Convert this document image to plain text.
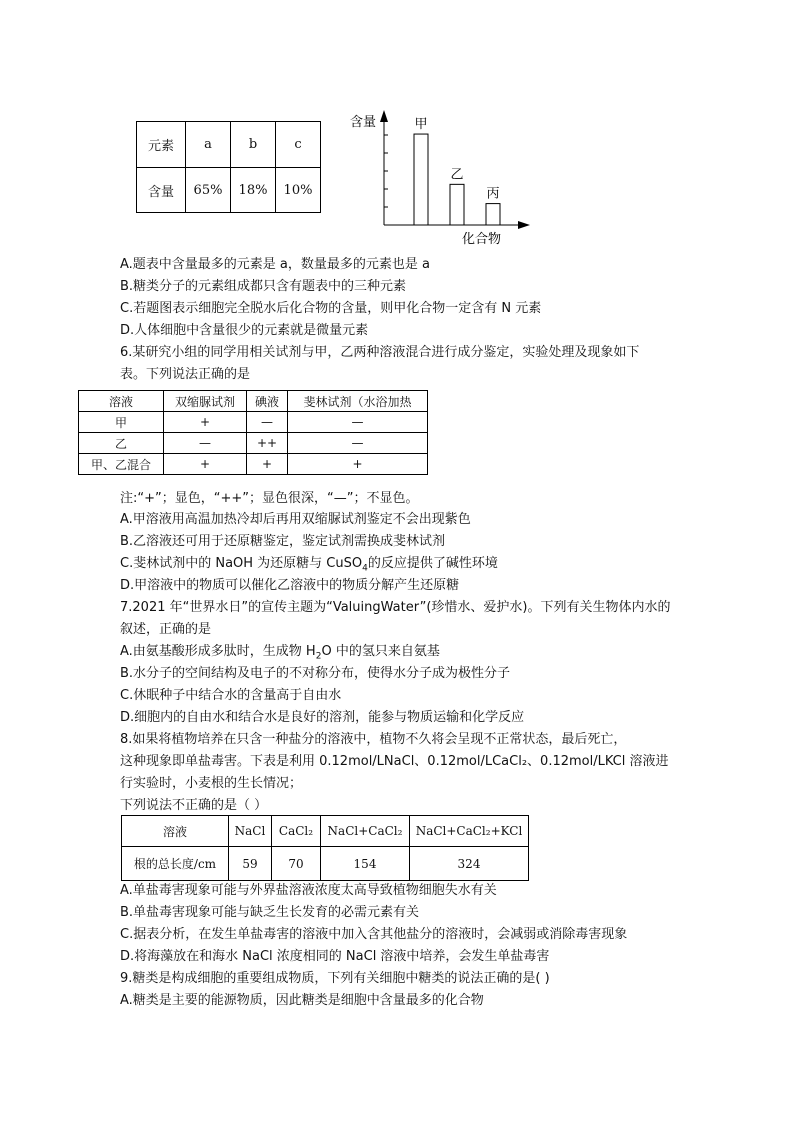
元素	a	b	c
含量	65%	18%	10%
甲
乙
丙
含量
化合物
A.题表中含量最多的元素是 a，数量最多的元素也是 a
B.糖类分子的元素组成都只含有题表中的三种元素
C.若题图表示细胞完全脱水后化合物的含量，则甲化合物一定含有 N 元素
D.人体细胞中含量很少的元素就是微量元素
6.某研究小组的同学用相关试剂与甲，乙两种溶液混合进行成分鉴定，实验处理及现象如下
表。下列说法正确的是
溶液	双缩脲试剂	碘液	斐林试剂（水浴加热
甲	+	—	—
乙	—	++	—
甲、乙混合	+	+	+
注:“+”；显色，“++”；显色很深，“—”；不显色。
A.甲溶液用高温加热冷却后再用双缩脲试剂鉴定不会出现紫色
B.乙溶液还可用于还原糖鉴定，鉴定试剂需换成斐林试剂
C.斐林试剂中的 NaOH 为还原糖与 CuSO$_4$的反应提供了碱性环境
D.甲溶液中的物质可以催化乙溶液中的物质分解产生还原糖
7.2021 年“世界水日”的宣传主题为“ValuingWater”(珍惜水、爱护水)。下列有关生物体内水的
叙述，正确的是
A.由氨基酸形成多肽时，生成物 $H_2O$ 中的氢只来自氨基
B.水分子的空间结构及电子的不对称分布，使得水分子成为极性分子
C.休眠种子中结合水的含量高于自由水
D.细胞内的自由水和结合水是良好的溶剂，能参与物质运输和化学反应
8.如果将植物培养在只含一种盐分的溶液中，植物不久将会呈现不正常状态，最后死亡，
这种现象即单盐毒害。下表是利用 0.12mol/LNaCl、0.12mol/LCaCl₂、0.12mol/LKCl 溶液进
行实验时，小麦根的生长情况；
下列说法不正确的是（ ）
溶液	NaCl	CaCl₂	NaCl+CaCl₂	NaCl+CaCl₂+KCl
根的总长度/cm	59	70	154	324
A.单盐毒害现象可能与外界盐溶液浓度太高导致植物细胞失水有关
B.单盐毒害现象可能与缺乏生长发育的必需元素有关
C.据表分析，在发生单盐毒害的溶液中加入含其他盐分的溶液时，会减弱或消除毒害现象
D.将海藻放在和海水 NaCl 浓度相同的 NaCl 溶液中培养，会发生单盐毒害
9.糖类是构成细胞的重要组成物质，下列有关细胞中糖类的说法正确的是( )
A.糖类是主要的能源物质，因此糖类是细胞中含量最多的化合物
